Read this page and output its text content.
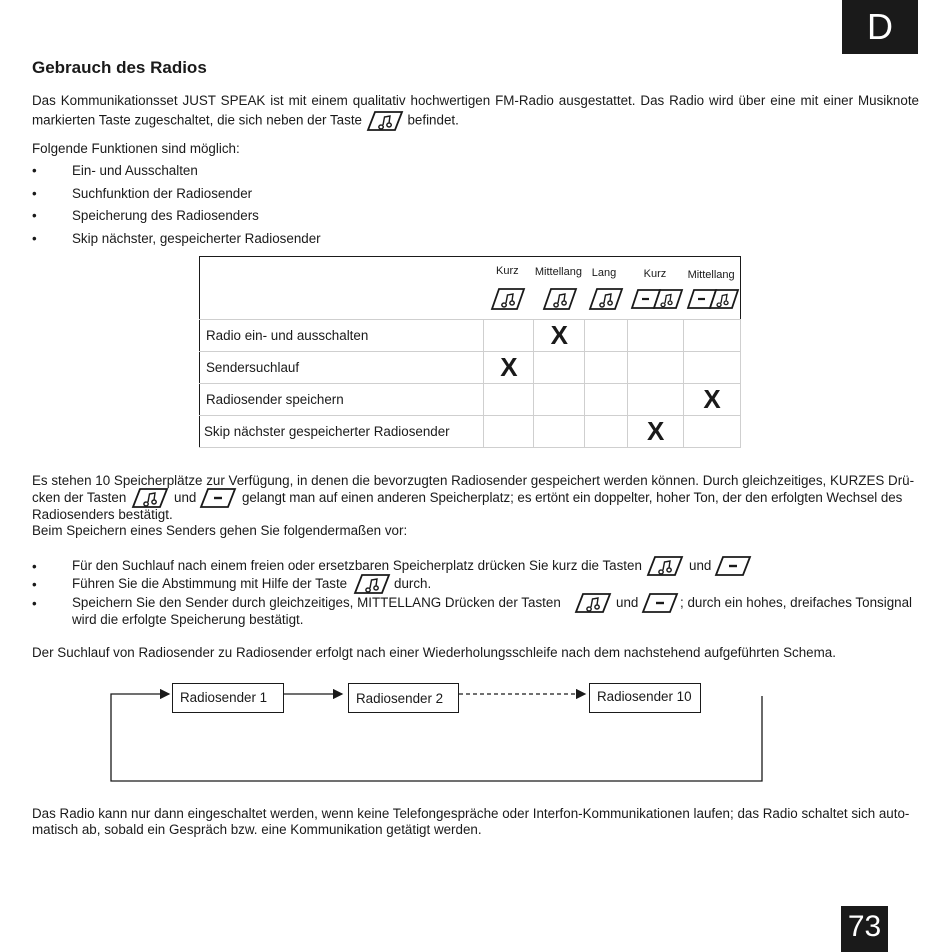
D
73
Gebrauch des Radios
Das Kommunikationsset JUST SPEAK ist mit einem qualitativ hochwertigen FM-Radio ausgestattet. Das Radio wird über eine mit einer Musiknote markierten Taste zugeschaltet, die sich neben der Taste	befindet.
Folgende Funktionen sind möglich:
•	Ein- und Ausschalten
•	Suchfunktion der Radiosender
•	Speicherung des Radiosenders
•	Skip nächster, gespeicherter Radiosender

	Kurz	Mittellang	Lang	Kurz	Mittellang

Radio ein- und ausschalten		X			
Sendersuchlauf	X				
Radiosender speichern					X
Skip nächster gespeicherter Radiosender				X	
Es stehen 10 Speicherplätze zur Verfügung, in denen die bevorzugten Radiosender gespeichert werden können. Durch gleichzeitiges, KURZES Drü-
cken der Tasten	und	gelangt man auf einen anderen Speicherplatz; es ertönt ein doppelter, hoher Ton, der den erfolgten Wechsel des
Radiosenders bestätigt.
Beim Speichern eines Senders gehen Sie folgendermaßen vor:
•	Für den Suchlauf nach einem freien oder ersetzbaren Speicherplatz drücken Sie kurz die Tasten	und
•	Führen Sie die Abstimmung mit Hilfe der Taste	durch.
•	Speichern Sie den Sender durch gleichzeitiges, MITTELLANG Drücken der Tasten	und	; durch ein hohes, dreifaches Tonsignal
wird die erfolgte Speicherung bestätigt.
Der Suchlauf von Radiosender zu Radiosender erfolgt nach einer Wiederholungsschleife nach dem nachstehend aufgeführten Schema.
Radiosender 1	Radiosender 2	Radiosender 10
Das Radio kann nur dann eingeschaltet werden, wenn keine Telefongespräche oder Interfon-Kommunikationen laufen; das Radio schaltet sich auto-
matisch ab, sobald ein Gespräch bzw. eine Kommunikation getätigt werden.
